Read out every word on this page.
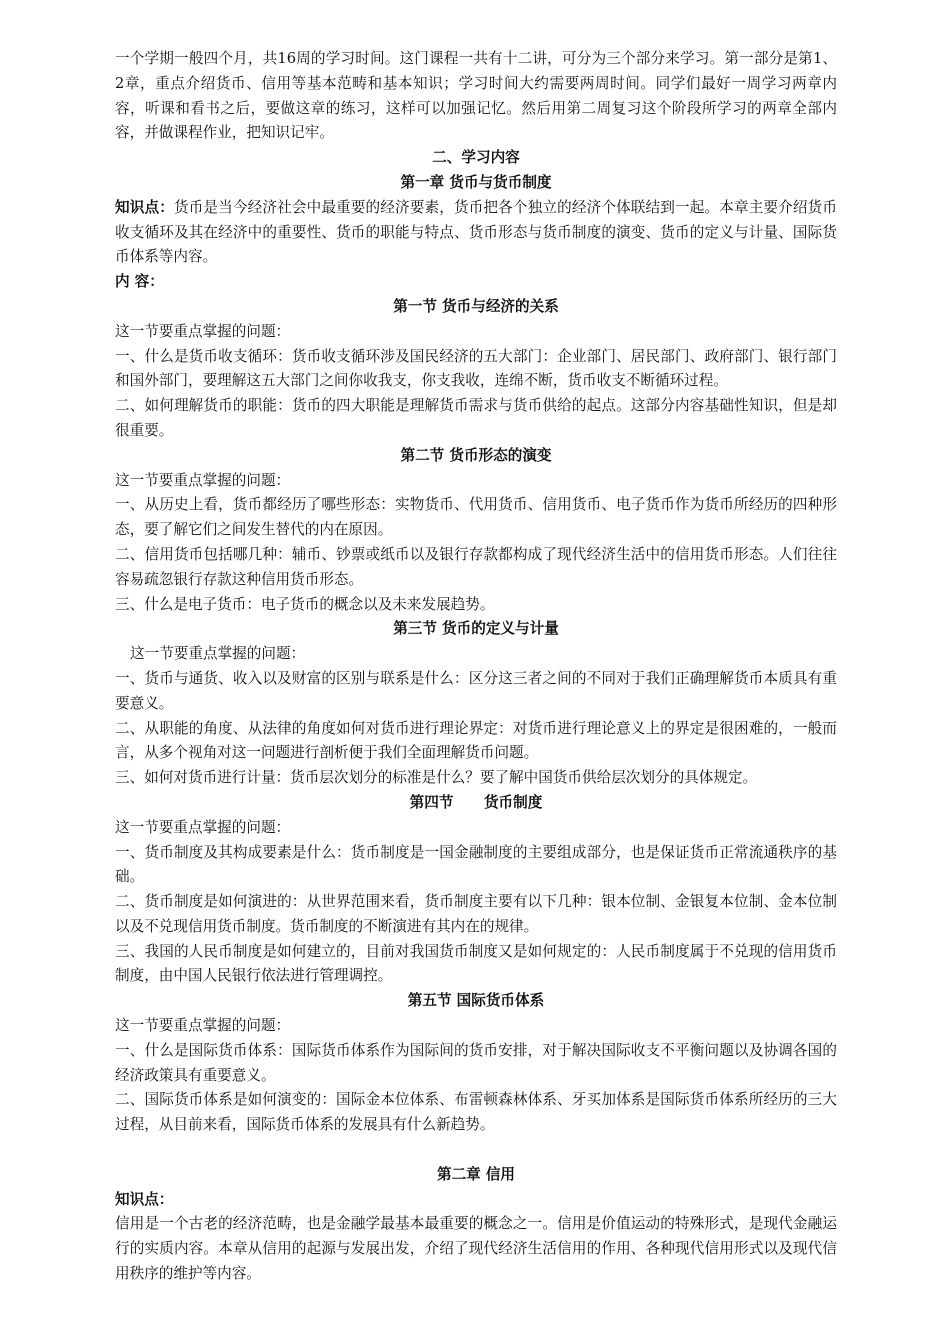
一个学期一般四个月，共16周的学习时间。这门课程一共有十二讲，可分为三个部分来学习。第一部分是第1、2章，重点介绍货币、信用等基本范畴和基本知识；学习时间大约需要两周时间。同学们最好一周学习两章内容，听课和看书之后，要做这章的练习，这样可以加强记忆。然后用第二周复习这个阶段所学习的两章全部内容，并做课程作业，把知识记牢。

二、学习内容

第一章 货币与货币制度

知识点：货币是当今经济社会中最重要的经济要素，货币把各个独立的经济个体联结到一起。本章主要介绍货币收支循环及其在经济中的重要性、货币的职能与特点、货币形态与货币制度的演变、货币的定义与计量、国际货币体系等内容。

内 容：

第一节 货币与经济的关系

这一节要重点掌握的问题：

一、什么是货币收支循环：货币收支循环涉及国民经济的五大部门：企业部门、居民部门、政府部门、银行部门和国外部门，要理解这五大部门之间你收我支，你支我收，连绵不断，货币收支不断循环过程。

二、如何理解货币的职能：货币的四大职能是理解货币需求与货币供给的起点。这部分内容基础性知识，但是却很重要。

第二节 货币形态的演变

这一节要重点掌握的问题：

一、从历史上看，货币都经历了哪些形态：实物货币、代用货币、信用货币、电子货币作为货币所经历的四种形态，要了解它们之间发生替代的内在原因。

二、信用货币包括哪几种：辅币、钞票或纸币以及银行存款都构成了现代经济生活中的信用货币形态。人们往往容易疏忽银行存款这种信用货币形态。

三、什么是电子货币：电子货币的概念以及未来发展趋势。

第三节 货币的定义与计量

这一节要重点掌握的问题：

一、货币与通货、收入以及财富的区别与联系是什么：区分这三者之间的不同对于我们正确理解货币本质具有重要意义。

二、从职能的角度、从法律的角度如何对货币进行理论界定：对货币进行理论意义上的界定是很困难的，一般而言，从多个视角对这一问题进行剖析便于我们全面理解货币问题。

三、如何对货币进行计量：货币层次划分的标准是什么？要了解中国货币供给层次划分的具体规定。

第四节      货币制度

这一节要重点掌握的问题：

一、货币制度及其构成要素是什么：货币制度是一国金融制度的主要组成部分，也是保证货币正常流通秩序的基础。

二、货币制度是如何演进的：从世界范围来看，货币制度主要有以下几种：银本位制、金银复本位制、金本位制以及不兑现信用货币制度。货币制度的不断演进有其内在的规律。

三、我国的人民币制度是如何建立的，目前对我国货币制度又是如何规定的：人民币制度属于不兑现的信用货币制度，由中国人民银行依法进行管理调控。

第五节 国际货币体系

这一节要重点掌握的问题：

一、什么是国际货币体系：国际货币体系作为国际间的货币安排，对于解决国际收支不平衡问题以及协调各国的经济政策具有重要意义。

二、国际货币体系是如何演变的：国际金本位体系、布雷顿森林体系、牙买加体系是国际货币体系所经历的三大过程，从目前来看，国际货币体系的发展具有什么新趋势。

第二章 信用

知识点：

信用是一个古老的经济范畴，也是金融学最基本最重要的概念之一。信用是价值运动的特殊形式，是现代金融运行的实质内容。本章从信用的起源与发展出发，介绍了现代经济生活信用的作用、各种现代信用形式以及现代信用秩序的维护等内容。
